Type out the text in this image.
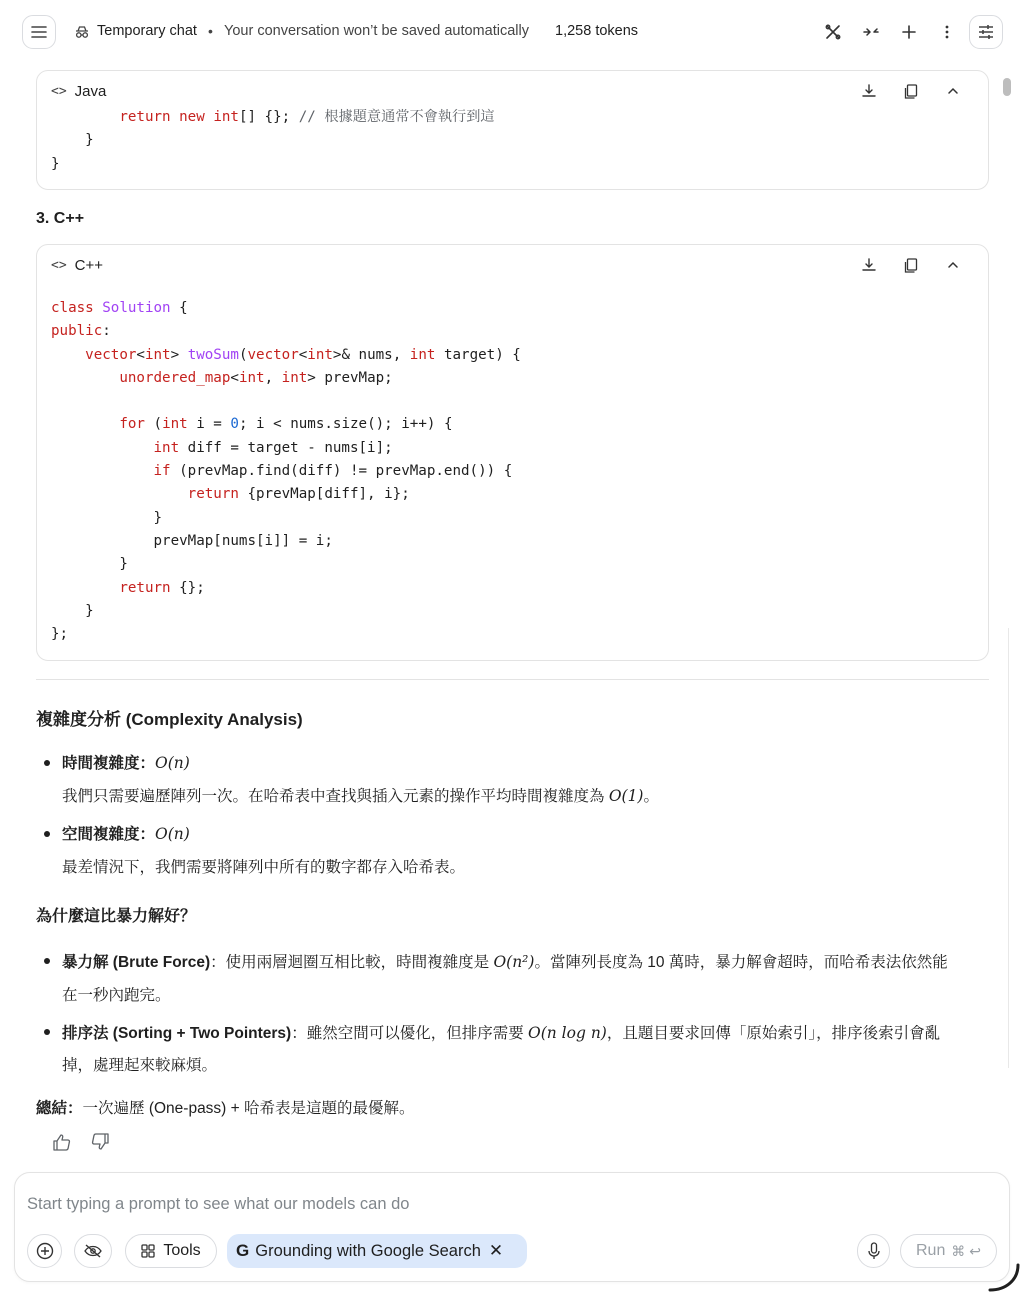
Temporary chat • Your conversation won’t be saved automatically 1,258 tokens
<> Java
return new int[] {}; // 根據題意通常不會執行到這
}
}
3. C++
<> C++
class Solution {
public:
vector<int> twoSum(vector<int>& nums, int target) {
unordered_map<int, int> prevMap;

for (int i = 0; i < nums.size(); i++) {
int diff = target - nums[i];
if (prevMap.find(diff) != prevMap.end()) {
return {prevMap[diff], i};
}
prevMap[nums[i]] = i;
}
return {};
}
};
複雜度分析 (Complexity Analysis)
時間複雜度：O(n)
我們只需要遍歷陣列一次。在哈希表中查找與插入元素的操作平均時間複雜度為 O(1)。
空間複雜度：O(n)
最差情況下，我們需要將陣列中所有的數字都存入哈希表。
為什麼這比暴力解好？
暴力解 (Brute Force)：使用兩層迴圈互相比較，時間複雜度是 O(n²)。當陣列長度為 10 萬時，暴力解會超時，而哈希表法依然能
在一秒內跑完。
排序法 (Sorting + Two Pointers)：雖然空間可以優化，但排序需要 O(n log n)，且題目要求回傳「原始索引」，排序後索引會亂
掉，處理起來較麻煩。
總結：一次遍歷 (One-pass) + 哈希表是這題的最優解。
Start typing a prompt to see what our models can do
Tools G Grounding with Google Search ✕	Run ⌘ ↩
